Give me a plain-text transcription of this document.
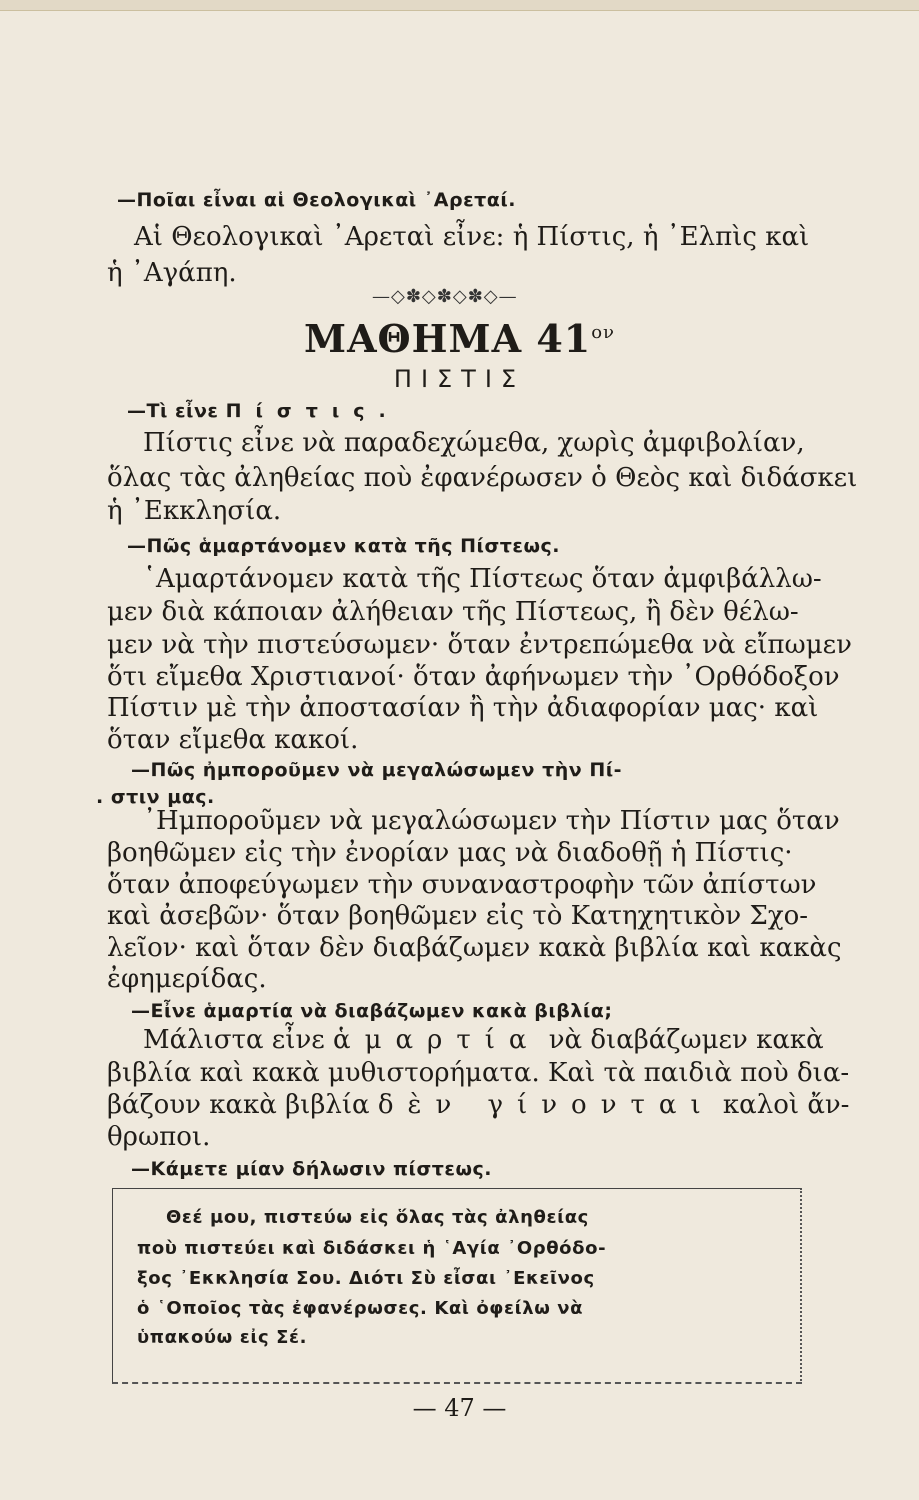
—Ποῖαι εἶναι αἱ Θεολογικαὶ ᾿Αρεταί.
Αἱ Θεολογικαὶ ᾿Αρεταὶ εἶνε: ἡ Πίστις, ἡ ᾿Ελπὶς καὶ
ἡ ᾿Αγάπη.
—◇✽◇✽◇✽◇—
ΜΑΘΗΜΑ $41^{o\nu}$
ΠΙΣΤΙΣ
—Τὶ εἶνε Πίστις.
Πίστις εἶνε νὰ παραδεχώμεθα, χωρὶς ἀμφιβολίαν,
ὅλας τὰς ἀληθείας ποὺ ἐφανέρωσεν ὁ Θεὸς καὶ διδάσκει
ἡ ᾿Εκκλησία.
—Πῶς ἁμαρτάνομεν κατὰ τῆς Πίστεως.
῾Αμαρτάνομεν κατὰ τῆς Πίστεως ὅταν ἀμφιβάλλω-
μεν διὰ κάποιαν ἀλήθειαν τῆς Πίστεως, ἢ δὲν θέλω-
μεν νὰ τὴν πιστεύσωμεν· ὅταν ἐντρεπώμεθα νὰ εἴπωμεν
ὅτι εἴμεθα Χριστιανοί· ὅταν ἀφήνωμεν τὴν ᾿Ορθόδοξον
Πίστιν μὲ τὴν ἀποστασίαν ἢ τὴν ἀδιαφορίαν μας· καὶ
ὅταν εἴμεθα κακοί.
—Πῶς ἠμποροῦμεν νὰ μεγαλώσωμεν τὴν Πί-
. στιν μας.
᾿Ημποροῦμεν νὰ μεγαλώσωμεν τὴν Πίστιν μας ὅταν
βοηθῶμεν εἰς τὴν ἐνορίαν μας νὰ διαδοθῇ ἡ Πίστις·
ὅταν ἀποφεύγωμεν τὴν συναναστροφὴν τῶν ἀπίστων
καὶ ἀσεβῶν· ὅταν βοηθῶμεν εἰς τὸ Κατηχητικὸν Σχο-
λεῖον· καὶ ὅταν δὲν διαβάζωμεν κακὰ βιβλία καὶ κακὰς
ἐφημερίδας.
—Εἶνε ἁμαρτία νὰ διαβάζωμεν κακὰ βιβλία;
Μάλιστα εἶνε ἁμαρτία νὰ διαβάζωμεν κακὰ
βιβλία καὶ κακὰ μυθιστορήματα. Καὶ τὰ παιδιὰ ποὺ δια-
βάζουν κακὰ βιβλία δὲν γίνονται καλοὶ ἄν-
θρωποι.
—Κάμετε μίαν δήλωσιν πίστεως.
Θεέ μου, πιστεύω εἰς ὅλας τὰς ἀληθείας
ποὺ πιστεύει καὶ διδάσκει ἡ ῾Αγία ᾿Ορθόδο-
ξος ᾿Εκκλησία Σου. Διότι Σὺ εἶσαι ᾿Εκεῖνος
ὁ ῾Οποῖος τὰς ἐφανέρωσες. Καὶ ὀφείλω νὰ
ὑπακούω εἰς Σέ.
— 47 —
